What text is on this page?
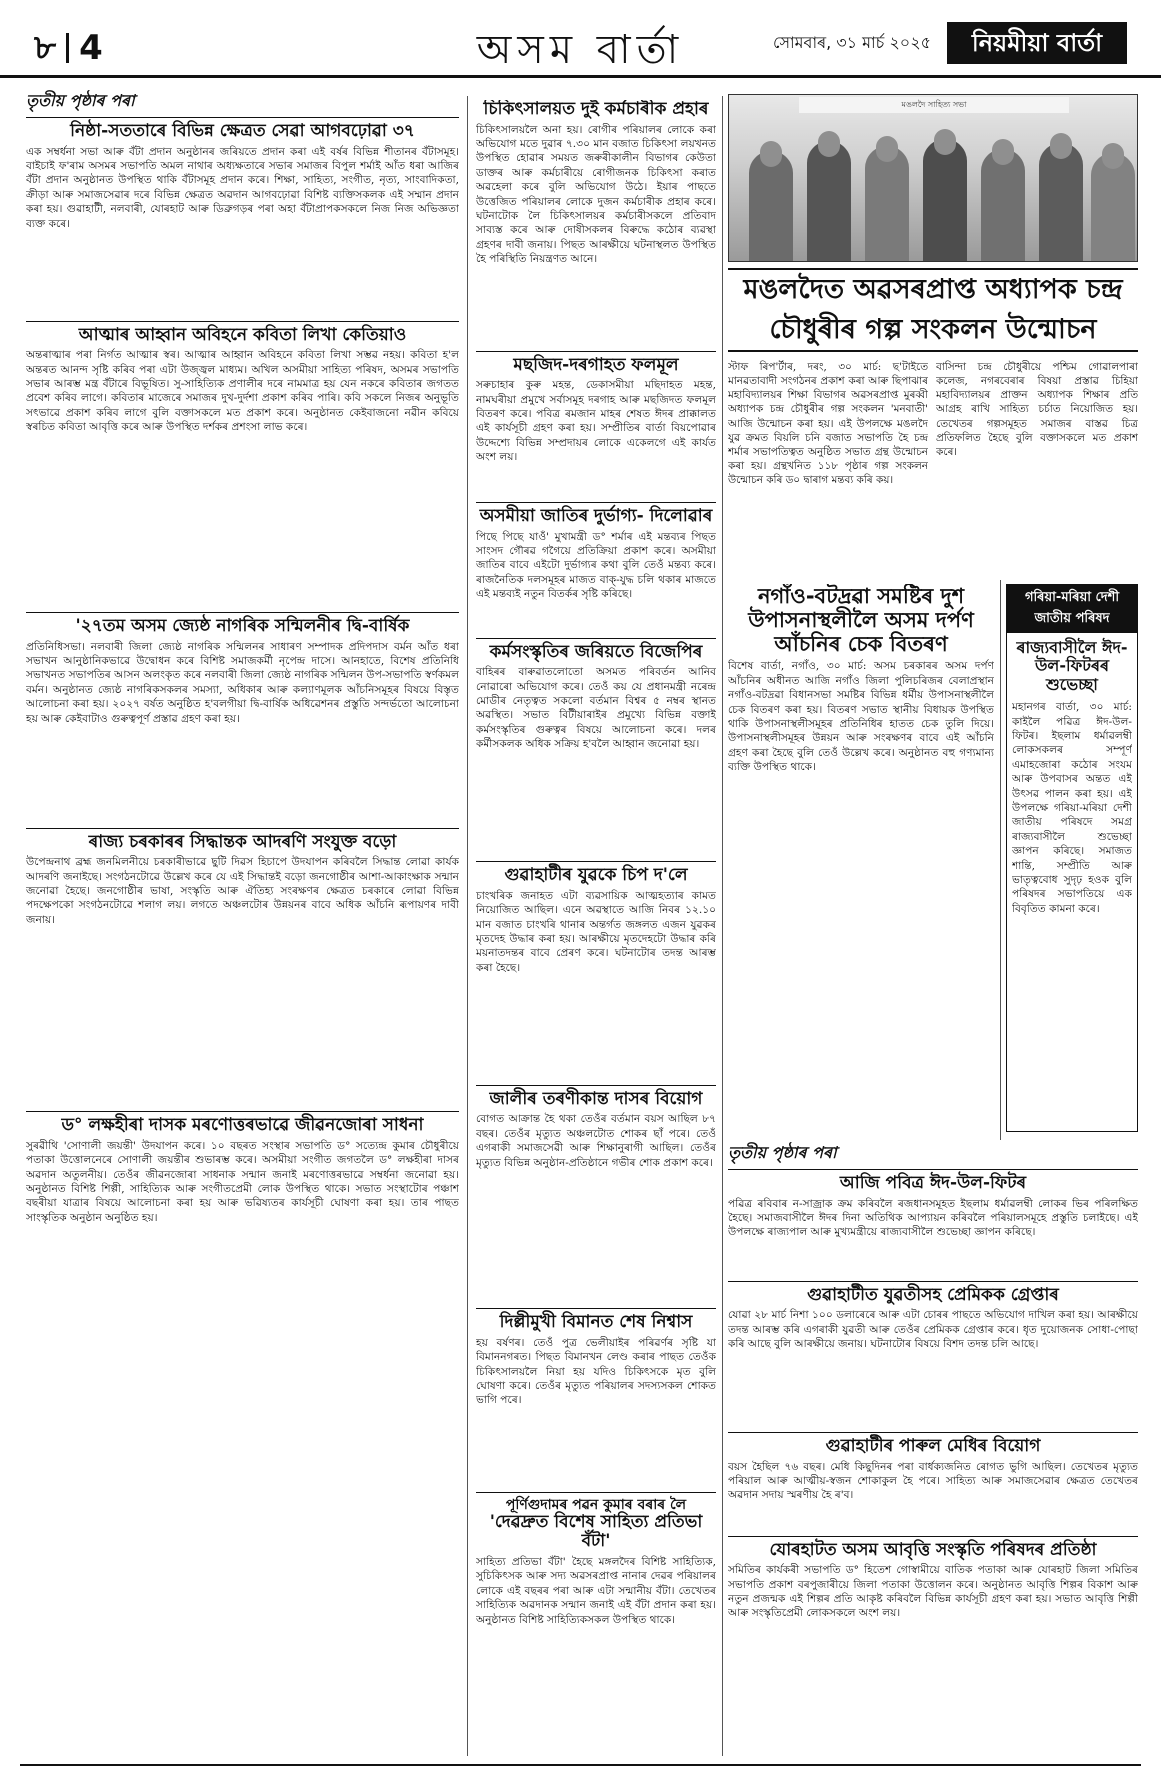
৮ 4	অসম বাৰ্তা	সোমবাৰ, ৩১ মাৰ্চ ২০২৫	নিয়মীয়া বাৰ্তা
তৃতীয় পৃষ্ঠাৰ পৰা
নিষ্ঠা-সততাৰে বিভিন্ন ক্ষেত্ৰত সেৱা আগবঢ়োৱা ৩৭
এক সম্বৰ্ধনা সভা আৰু বঁটা প্ৰদান অনুষ্ঠানৰ জৰিয়তে প্ৰদান কৰা এই বৰ্ষৰ বিভিন্ন শীতানৰ বঁটাসমূহ। বাইচাই ফ'ৰাম অসমৰ সভাপতি অমল নাথাৰ অধ্যক্ষতাৰে সভাৰ সমাজৰ বিপুল শৰ্মাই আঁত ধৰা আজিৰ বঁটা প্ৰদান অনুষ্ঠানত উপস্থিত থাকি বঁটাসমূহ প্ৰদান কৰে। শিক্ষা, সাহিত্য, সংগীত, নৃত্য, সাংবাদিকতা, ক্ৰীড়া আৰু সমাজসেৱাৰ দৰে বিভিন্ন ক্ষেত্ৰত অৱদান আগবঢ়োৱা বিশিষ্ট ব্যক্তিসকলক এই সম্মান প্ৰদান কৰা হয়। গুৱাহাটী, নলবাৰী, যোৰহাট আৰু ডিব্ৰুগড়ৰ পৰা অহা বঁটাপ্ৰাপকসকলে নিজ নিজ অভিজ্ঞতা ব্যক্ত কৰে।
আত্মাৰ আহ্বান অবিহনে কবিতা লিখা কেতিয়াও
অন্তৰাত্মাৰ পৰা নিৰ্গত আত্মাৰ স্বৰ। আত্মাৰ আহ্বান অবিহনে কবিতা লিখা সম্ভৱ নহয়। কবিতা হ'ল অন্তৰত আনন্দ সৃষ্টি কৰিব পৰা এটা উজ্জ্বল মাধ্যম। অখিল অসমীয়া সাহিত্য পৰিষদ, অসমৰ সভাপতি সভাৰ আৰম্ভ মন্ত্ৰ বঁটাৰে বিভূষিত। সু-সাহিত্যিক প্ৰণালীৰ দৰে নামমাত্ৰ হয় যেন নকৰে কবিতাৰ জগতত প্ৰবেশ কৰিব লাগে। কবিতাৰ মাজেৰে সমাজৰ দুখ-দুৰ্দশা প্ৰকাশ কৰিব পাৰি। কবি সকলে নিজৰ অনুভূতি সৎভাৱে প্ৰকাশ কৰিব লাগে বুলি বক্তাসকলে মত প্ৰকাশ কৰে। অনুষ্ঠানত কেইবাজনো নৱীন কবিয়ে স্বৰচিত কবিতা আবৃত্তি কৰে আৰু উপস্থিত দৰ্শকৰ প্ৰশংসা লাভ কৰে।
'২৭তম অসম জ্যেষ্ঠ নাগৰিক সন্মিলনীৰ দ্বি-বাৰ্ষিক
প্ৰতিনিধিসভা। নলবাৰী জিলা জ্যেষ্ঠ নাগৰিক সন্মিলনৰ সাধাৰণ সম্পাদক প্ৰদিপদাস বৰ্মন আঁত ধৰা সভাখন আনুষ্ঠানিকভাৱে উদ্বোধন কৰে বিশিষ্ট সমাজকৰ্মী নৃপেন্দ্ৰ দাসে। আনহাতে, বিশেষ প্ৰতিনিধি সভাখনত সভাপতিৰ আসন অলংকৃত কৰে নলবাৰী জিলা জ্যেষ্ঠ নাগৰিক সন্মিলন উপ-সভাপতি স্বৰ্ণকমল বৰ্মন। অনুষ্ঠানত জ্যেষ্ঠ নাগৰিকসকলৰ সমস্যা, অধিকাৰ আৰু কল্যাণমূলক আঁচনিসমূহৰ বিষয়ে বিস্তৃত আলোচনা কৰা হয়। ২০২৭ বৰ্ষত অনুষ্ঠিত হ'বলগীয়া দ্বি-বাৰ্ষিক অধিৱেশনৰ প্ৰস্তুতি সন্দৰ্ভতো আলোচনা হয় আৰু কেইবাটাও গুৰুত্বপূৰ্ণ প্ৰস্তাৱ গ্ৰহণ কৰা হয়।
ৰাজ্য চৰকাৰৰ সিদ্ধান্তক আদৰণি সংযুক্ত বড়ো
উপেন্দ্ৰনাথ ব্ৰহ্ম জনমিলনীয়ে চৰকাৰীভাৱে ছুটি দিৱস হিচাপে উদযাপন কৰিবলৈ সিদ্ধান্ত লোৱা কাৰ্যক আদৰণি জনাইছে। সংগঠনটোৱে উল্লেখ কৰে যে এই সিদ্ধান্তই বড়ো জনগোষ্ঠীৰ আশা-আকাংক্ষাক সন্মান জনোৱা হৈছে। জনগোষ্ঠীৰ ভাষা, সংস্কৃতি আৰু ঐতিহ্য সংৰক্ষণৰ ক্ষেত্ৰত চৰকাৰে লোৱা বিভিন্ন পদক্ষেপকো সংগঠনটোৱে শলাগ লয়। লগতে অঞ্চলটোৰ উন্নয়নৰ বাবে অধিক আঁচনি ৰূপায়ণৰ দাবী জনায়।
ড° লক্ষহীৰা দাসক মৰণোত্তৰভাৱে জীৱনজোৰা সাধনা
সুৰৱীথি 'সোণালী জয়ন্তী' উদযাপন কৰে। ১০ বছৰত সংস্থাৰ সভাপতি ড° সত্যেন্দ্ৰ কুমাৰ চৌধুৰীয়ে পতাকা উত্তোলনেৰে সোণালী জয়ন্তীৰ শুভাৰম্ভ কৰে। অসমীয়া সংগীত জগতলৈ ড° লক্ষহীৰা দাসৰ অৱদান অতুলনীয়। তেওঁৰ জীৱনজোৰা সাধনাক সন্মান জনাই মৰণোত্তৰভাৱে সম্বৰ্ধনা জনোৱা হয়। অনুষ্ঠানত বিশিষ্ট শিল্পী, সাহিত্যিক আৰু সংগীতপ্ৰেমী লোক উপস্থিত থাকে। সভাত সংস্থাটোৰ পঞ্চাশ বছৰীয়া যাত্ৰাৰ বিষয়ে আলোচনা কৰা হয় আৰু ভৱিষ্যতৰ কাৰ্যসূচী ঘোষণা কৰা হয়। তাৰ পাছত সাংস্কৃতিক অনুষ্ঠান অনুষ্ঠিত হয়।
চিকিৎসালয়ত দুই কৰ্মচাৰীক প্ৰহাৰ
চিকিৎসালয়লৈ অনা হয়। ৰোগীৰ পৰিয়ালৰ লোকে কৰা অভিযোগ মতে দুৱাৰ ৭.৩০ মান বজাত চিকিৎসা লয়খনত উপস্থিত হোৱাৰ সময়ত জৰুৰীকালীন বিভাগৰ কেউতা ডাক্তৰ আৰু কৰ্মচাৰীয়ে ৰোগীজনক চিকিৎসা কৰাত অৱহেলা কৰে বুলি অভিযোগ উঠে। ইয়াৰ পাছতে উত্তেজিত পৰিয়ালৰ লোকে দুজন কৰ্মচাৰীক প্ৰহাৰ কৰে। ঘটনাটোক লৈ চিকিৎসালয়ৰ কৰ্মচাৰীসকলে প্ৰতিবাদ সাব্যস্ত কৰে আৰু দোষীসকলৰ বিৰুদ্ধে কঠোৰ ব্যৱস্থা গ্ৰহণৰ দাবী জনায়। পিছত আৰক্ষীয়ে ঘটনাস্থলত উপস্থিত হৈ পৰিস্থিতি নিয়ন্ত্ৰণত আনে।
মছজিদ-দৰগাহত ফলমূল
সৰুচাহাৰ কুৰু মহন্ত, ডেকাসমীয়া মছিদাহত মহন্ত, নামঘৰীয়া প্ৰমুখে সৰ্বাসমূহ দৰগাহ আৰু মছজিদত ফলমূল বিতৰণ কৰে। পবিত্ৰ ৰমজান মাহৰ শেষত ঈদৰ প্ৰাক্কালত এই কাৰ্যসূচী গ্ৰহণ কৰা হয়। সম্প্ৰীতিৰ বাৰ্তা বিয়পোৱাৰ উদ্দেশ্যে বিভিন্ন সম্প্ৰদায়ৰ লোকে একেলগে এই কাৰ্যত অংশ লয়।
অসমীয়া জাতিৰ দুৰ্ভাগ্য- দিলোৱাৰ
পিছে পিছে যাওঁ' মুখামন্ত্ৰী ড° শৰ্মাৰ এই মন্তব্যৰ পিছত সাংসদ গৌৰৱ গগৈয়ে প্ৰতিক্ৰিয়া প্ৰকাশ কৰে। অসমীয়া জাতিৰ বাবে এইটো দুৰ্ভাগ্যৰ কথা বুলি তেওঁ মন্তব্য কৰে। ৰাজনৈতিক দলসমূহৰ মাজত বাক্-যুদ্ধ চলি থকাৰ মাজতে এই মন্তব্যই নতুন বিতৰ্কৰ সৃষ্টি কৰিছে।
কৰ্মসংস্কৃতিৰ জৰিয়তে বিজেপিৰ
বাহিৰৰ বাৰুৱাতলোতো অসমত পৰিবৰ্তন আনিব নোৱাৰো অভিযোগ কৰে। তেওঁ কয় যে প্ৰধানমন্ত্ৰী নৰেন্দ্ৰ মোডীৰ নেতৃত্বত সকলো বৰ্তমান বিশ্বৰ ৫ নম্বৰ স্থানত অৱস্থিত। সভাত বিটীয়াৰাইৰ প্ৰমুখ্যে বিভিন্ন বক্তাই কৰ্মসংস্কৃতিৰ গুৰুত্বৰ বিষয়ে আলোচনা কৰে। দলৰ কৰ্মীসকলক অধিক সক্ৰিয় হ'বলৈ আহ্বান জনোৱা হয়।
গুৱাহাটীৰ যুৱকে চিপ দ'লে
চাংখৰিক জনাহত এটা ব্যৱসায়িক আত্মহত্যাৰ কামত নিয়োজিত আছিল। এনে অৱস্থাতে আজি নিবৰ ১২.১০ মান বজাত চাংখৰি থানাৰ অন্তৰ্গত জঙ্গলত এজন যুৱকৰ মৃতদেহ উদ্ধাৰ কৰা হয়। আৰক্ষীয়ে মৃতদেহটো উদ্ধাৰ কৰি ময়নাতদন্তৰ বাবে প্ৰেৰণ কৰে। ঘটনাটোৰ তদন্ত আৰম্ভ কৰা হৈছে।
জালীৰ তৰণীকান্ত দাসৰ বিয়োগ
বোগত আক্ৰান্ত হৈ থকা তেওঁৰ বৰ্তমান বয়স আছিল ৮৭ বছৰ। তেওঁৰ মৃত্যুত অঞ্চলটোত শোকৰ ছাঁ পৰে। তেওঁ এগৰাকী সমাজসেৱী আৰু শিক্ষানুৰাগী আছিল। তেওঁৰ মৃত্যুত বিভিন্ন অনুষ্ঠান-প্ৰতিষ্ঠানে গভীৰ শোক প্ৰকাশ কৰে।
দিল্লীমুখী বিমানত শেষ নিশ্বাস
হয় বৰ্ষণৰ। তেওঁ পুত্ৰ ভেলীয়াইৰ পৰিৱৰ্ণৰ সৃষ্টি যা বিমাননগৰত। পিছত বিমানখন লেণ্ড কৰাৰ পাছত তেওঁক চিকিৎসালয়লৈ নিয়া হয় যদিও চিকিৎসকে মৃত বুলি ঘোষণা কৰে। তেওঁৰ মৃত্যুত পৰিয়ালৰ সদস্যসকল শোকত ভাগি পৰে।
পূৰ্ণিগুদামৰ পৱন কুমাৰ বৰাৰ লৈ
'দেৱদ্ৰুত বিশেষ সাহিত্য প্ৰতিভা বঁটা'
সাহিত্য প্ৰতিভা বঁটা' হৈছে মঙ্গলদৈৰ বিশিষ্ট সাহিত্যিক, সুচিকিৎসক আৰু সদ্য অৱসৰপ্ৰাপ্ত নানাৰ দেৱৰ পৰিয়ালৰ লোকে এই বছৰৰ পৰা আৰু এটা সন্মানীয় বঁটা। তেখেতৰ সাহিত্যিক অৱদানক সন্মান জনাই এই বঁটা প্ৰদান কৰা হয়। অনুষ্ঠানত বিশিষ্ট সাহিত্যিকসকল উপস্থিত থাকে।
মঙলদৈ সাহিত্য সভা
মঙলদৈত অৱসৰপ্ৰাপ্ত অধ্যাপক চন্দ্ৰ চৌধুৰীৰ গল্প সংকলন উন্মোচন
স্টাফ ৰিপ'ৰ্টাৰ, দৰং, ৩০ মাৰ্চ: ছ'টাইতে মানৱতাবাদী সংগঠনৰ প্ৰকাশ কৰা আৰু ছিপাঝাৰ মহাবিদ্যালয়ৰ শিক্ষা বিভাগৰ অৱসৰপ্ৰাপ্ত মুৰব্বী অধ্যাপক চন্দ্ৰ চৌধুৰীৰ গল্প সংকলন 'মনবাতী' আজি উন্মোচন কৰা হয়। এই উপলক্ষে মঙলদৈ যুৱ ক্ৰমত বিয়লি চনি বজাত সভাপতি হৈ চন্দ্ৰ শৰ্মাৰ সভাপতিত্বত অনুষ্ঠিত সভাত গ্ৰন্থ উন্মোচন কৰা হয়। গ্ৰন্থখনিত ১১৮ পৃষ্ঠাৰ গল্প সংকলন উন্মোচন কৰি ড০ দ্বাৰাগ মন্তব্য কৰি কয়।
বাসিন্দা চন্দ্ৰ চৌধুৰীয়ে পশ্চিম গোৱালপাৰা কলেজ, নগৰবেৰাৰ বিষয়া প্ৰস্তাৱ চিহিয়া মহাবিদ্যালয়ৰ প্ৰাক্তন অধ্যাপক শিক্ষাৰ প্ৰতি আগ্ৰহ ৰাখি সাহিত্য চৰ্চাত নিয়োজিত হয়। তেখেতৰ গল্পসমূহত সমাজৰ বাস্তৱ চিত্ৰ প্ৰতিফলিত হৈছে বুলি বক্তাসকলে মত প্ৰকাশ কৰে।
নগাঁও-বটদ্ৰৱা সমষ্টিৰ দুশ উপাসনাস্থলীলৈ অসম দৰ্পণ আঁচনিৰ চেক বিতৰণ
বিশেষ বাৰ্তা, নগাঁও, ৩০ মাৰ্চ: অসম চৰকাৰৰ অসম দৰ্পণ আঁচনিৰ অধীনত আজি নগাঁও জিলা পুলিচৰিজৰ বেলাপ্ৰস্থান নগাঁও-বটদ্ৰৱা বিধানসভা সমষ্টিৰ বিভিন্ন ধৰ্মীয় উপাসনাস্থলীলৈ চেক বিতৰণ কৰা হয়। বিতৰণ সভাত স্থানীয় বিধায়ক উপস্থিত থাকি উপাসনাস্থলীসমূহৰ প্ৰতিনিধিৰ হাতত চেক তুলি দিয়ে। উপাসনাস্থলীসমূহৰ উন্নয়ন আৰু সংৰক্ষণৰ বাবে এই আঁচনি গ্ৰহণ কৰা হৈছে বুলি তেওঁ উল্লেখ কৰে। অনুষ্ঠানত বহু গণ্যমান্য ব্যক্তি উপস্থিত থাকে।
গৰিয়া-মৰিয়া দেশী জাতীয় পৰিষদ
ৰাজ্যবাসীলৈ ঈদ-উল-ফিটৰৰ শুভেচ্ছা
মহানগৰ বাৰ্তা, ৩০ মাৰ্চ: কাইলৈ পৱিত্ৰ ঈদ-উল-ফিটৰ। ইছলাম ধৰ্মাৱলম্বী লোকসকলৰ সম্পূৰ্ণ এমাহজোৰা কঠোৰ সংযম আৰু উপবাসৰ অন্তত এই উৎসৱ পালন কৰা হয়। এই উপলক্ষে গৰিয়া-মৰিয়া দেশী জাতীয় পৰিষদে সমগ্ৰ ৰাজ্যবাসীলৈ শুভেচ্ছা জ্ঞাপন কৰিছে। সমাজত শান্তি, সম্প্ৰীতি আৰু ভাতৃত্ববোধ সুদৃঢ় হওক বুলি পৰিষদৰ সভাপতিয়ে এক বিবৃতিত কামনা কৰে।
তৃতীয় পৃষ্ঠাৰ পৰা
আজি পবিত্ৰ ঈদ-উল-ফিটৰ
পৱিত্ৰ ৰবিবাৰ ন-সাজ্ৰাক ক্ৰম কৰিবলৈ ৰজধানসমূহত ইছলাম ধৰ্মাৱলম্বী লোকৰ ভিৰ পৰিলক্ষিত হৈছে। সমাজবাসীলৈ ঈদৰ দিনা অতিথিক আপ্যায়ন কৰিবলৈ পৰিয়ালসমূহে প্ৰস্তুতি চলাইছে। এই উপলক্ষে ৰাজ্যপাল আৰু মুখ্যমন্ত্ৰীয়ে ৰাজ্যবাসীলৈ শুভেচ্ছা জ্ঞাপন কৰিছে।
গুৱাহাটীত যুৱতীসহ প্ৰেমিকক গ্ৰেপ্তাৰ
যোৱা ২৮ মাৰ্চ নিশা ১০০ ডলাৰেৰে আৰু এটা চোৰৰ পাছতে অভিযোগ দাখিল কৰা হয়। আৰক্ষীয়ে তদন্ত আৰম্ভ কৰি এগৰাকী যুৱতী আৰু তেওঁৰ প্ৰেমিকক গ্ৰেপ্তাৰ কৰে। ধৃত দুয়োজনক সোধা-পোছা কৰি আছে বুলি আৰক্ষীয়ে জনায়। ঘটনাটোৰ বিষয়ে বিশদ তদন্ত চলি আছে।
গুৱাহাটীৰ পাৰুল মেধিৰ বিয়োগ
বয়স হৈছিল ৭৬ বছৰ। মেধি কিছুদিনৰ পৰা বাৰ্ধক্যজনিত ৰোগত ভুগি আছিল। তেখেতৰ মৃত্যুত পৰিয়াল আৰু আত্মীয়-স্বজন শোকাকুল হৈ পৰে। সাহিত্য আৰু সমাজসেৱাৰ ক্ষেত্ৰত তেখেতৰ অৱদান সদায় স্মৰণীয় হৈ ৰ'ব।
যোৰহাটত অসম আবৃত্তি সংস্কৃতি পৰিষদৰ প্ৰতিষ্ঠা
সমিতিৰ কাৰ্যকৰী সভাপতি ড° হিতেশ গোস্বামীয়ে বাতিক পতাকা আৰু যোৰহাট জিলা সমিতিৰ সভাপতি প্ৰকাশ বৰপুজাৰীয়ে জিলা পতাকা উত্তোলন কৰে। অনুষ্ঠানত আবৃত্তি শিল্পৰ বিকাশ আৰু নতুন প্ৰজন্মক এই শিল্পৰ প্ৰতি আকৃষ্ট কৰিবলৈ বিভিন্ন কাৰ্যসূচী গ্ৰহণ কৰা হয়। সভাত আবৃত্তি শিল্পী আৰু সংস্কৃতিপ্ৰেমী লোকসকলে অংশ লয়।
